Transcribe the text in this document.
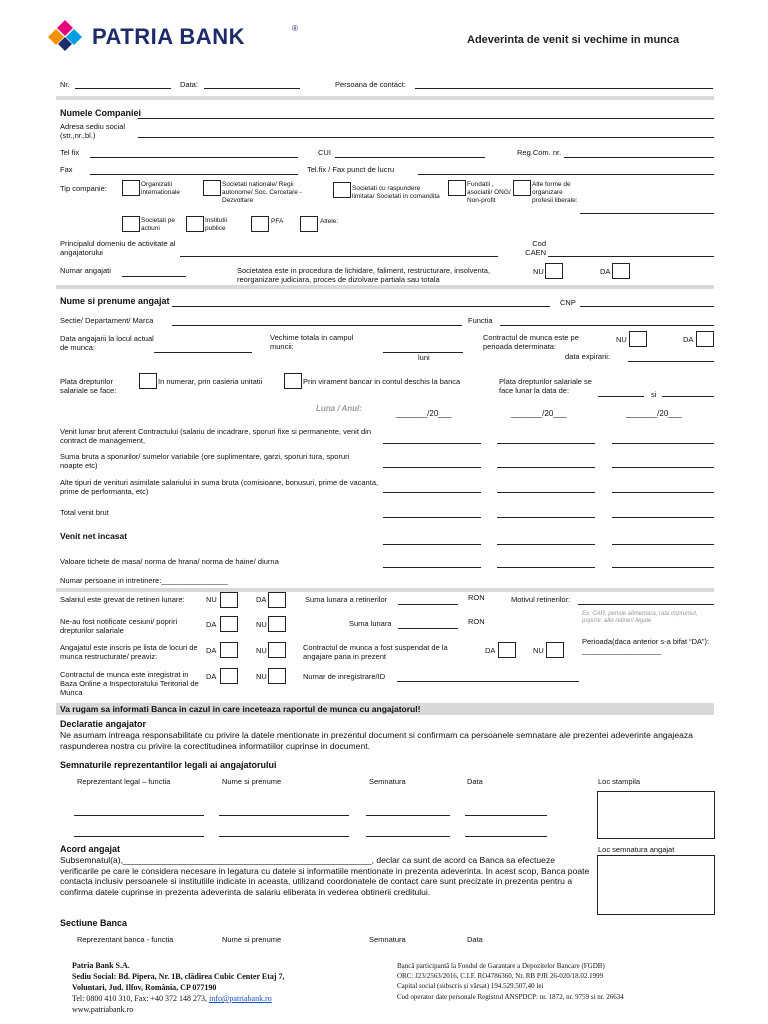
PATRIA BANK	®
Adeverinta de venit si vechime in munca
Nr.	Data:	Persoana de contact:
Numele Companiei
Adresa sediu social (str.,nr.,bl.)
Tel fix	CUI	Reg.Com. nr.
Fax	Tel.fix / Fax punct de lucru
Tip companie:	Organizatii internationale
Societati nationale/ Regii autonome/ Soc. Cercetare - Dezvoltare
Societati cu raspundere limitata/ Societati in comandita
Fundatii , asociatii/ ONG/ Non-profit
Alte forme de organizare profesii liberale:
Societati pe actiuni
Institutii publice
PFA	Altele:
Principalul domeniu de activitate al angajatorului
Cod CAEN
Numar angajati	Societatea este in procedura de lichidare, faliment, restructurare, insolventa, reorganizare judiciara, proces de dizolvare partiala sau totala
NU	DA
Nume si prenume angajat	CNP
Sectie/ Departament/ Marca	Functia
Data angajarii la locul actual de munca:
Vechime totala in campul muncii:
luni
Contractul de munca este pe perioada determinata:
NU	DA
data expirarii:
Plata drepturilor salariale se face:
In numerar, prin casieria unitatii	Prin virament bancar in contul deschis la banca	Plata drepturilor salariale se face lunar la data de:	si
Luna / Anul:
_______/20___	_______/20___	_______/20___
Venit lunar brut aferent Contractului (salariu de incadrare, sporuri fixe si permanente, venit din contract de management,
Suma bruta a sporurilor/ sumelor variabile (ore suplimentare, garzi, sporuri tura, sporuri noapte etc)
Alte tipuri de venituri asimilate salariului in suma bruta (comisioane, bonusuri, prime de vacanta, prime de performanta, etc)
Total venit brut
Venit net incasat
Valoare tichete de masa/ norma de hrana/ norma de haine/ diurna
Numar persoane in intretinere:________________
Salariul este grevat de retineri lunare:	NU	DA	Suma lunara a retinerilor	RON	Motivul retinerilor:
Ex: CAR, pensie alimentara, rata imprumut, poprire, alte retineri legale
Ne-au fost notificate cesiuni/ popriri drepturilor salariale
DA	NU	Suma lunara	RON
Angajatul este inscris pe lista de locuri de munca restructurate/ preaviz:
DA	NU	Contractul de munca a fost suspendat de la angajare pana in prezent
DA	NU
Perioada(daca anterior s-a bifat “DA”): ___________________
Contractul de munca este inregistrat in Baza Online a Inspectoratului Teritorial de Munca
DA	NU	Numar de inregistrare/ID
Va rugam sa informati Banca in cazul in care inceteaza raportul de munca cu angajatorul!
Declaratie angajator
Ne asumam intreaga responsabilitate cu privire la datele mentionate in prezentul document si confirmam ca persoanele semnatare ale prezentei adeverinte angajeaza raspunderea nostra cu privire la corectitudinea informatiilor cuprinse in document.
Semnaturile reprezentantilor legali ai angajatorului
Reprezentant legal – functia	Nume si prenume	Semnatura	Data	Loc stampila
Acord angajat	Loc semnatura angajat
Subsemnatul(a),____________________________________________________, declar ca sunt de acord ca Banca sa efectueze verificarile pe care le considera necesare in legatura cu datele si informatiile mentionate in prezenta adeverinta. In acest scop, Banca poate contacta inclusiv persoanele si institutiile indicate in aceasta, utilizand coordonatele de contact care sunt precizate in prezenta pentru a confirma datele cuprinse in prezenta adeverinta de salariu eliberata in vederea obtinerii creditului.
Sectiune Banca
Reprezentant banca - functia	Nume si prenume	Semnatura	Data
Patria Bank S.A.
Sediu Social: Bd. Pipera, Nr. 1B, clădirea Cubic Center Etaj 7,
Voluntari, Jud. Ilfov, România, CP 077190
Tel: 0800 410 310, Fax: +40 372 148 273, info@patriabank.ro
www.patriabank.ro
Bancă participantă la Fondul de Garantare a Depozitelor Bancare (FGDB)
ORC: J23/2563/2016, C.I.F. RO4786360, Nr. RB PJR 26-020/18.02.1999
Capital social (subscris și vărsat) 194.529.507,40 lei
Cod operator date personale Registrul ANSPDCP: nr. 1872, nr. 9759 si nr. 26634
